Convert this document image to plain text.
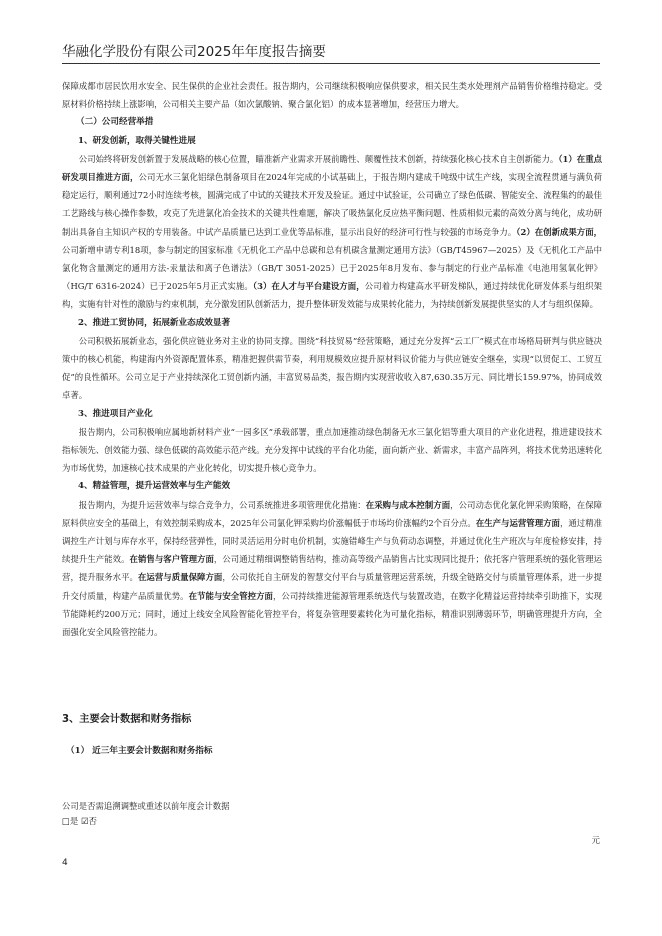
华融化学股份有限公司2025年年度报告摘要

保障成都市居民饮用水安全、民生保供的企业社会责任。报告期内，公司继续积极响应保供要求，相关民生类水处理剂产品销售价格维持稳定。受原材料价格持续上涨影响，公司相关主要产品（如次氯酸钠、聚合氯化铝）的成本显著增加，经营压力增大。

（二）公司经营举措

1、研发创新，取得关键性进展

公司始终将研发创新置于发展战略的核心位置，瞄准新产业需求开展前瞻性、颠覆性技术创新，持续强化核心技术自主创新能力。（1）在重点研发项目推进方面，公司无水三氯化铝绿色制备项目在2024年完成的小试基础上，于报告期内建成千吨级中试生产线，实现全流程贯通与满负荷稳定运行，顺利通过72小时连续考核，圆满完成了中试的关键技术开发及验证。通过中试验证，公司确立了绿色低碳、智能安全、流程集约的最佳工艺路线与核心操作参数，攻克了先进氯化冶金技术的关键共性难题，解决了吸热氯化反应热平衡问题、性质相似元素的高效分离与纯化，成功研制出具备自主知识产权的专用装备。中试产品质量已达到工业优等品标准，显示出良好的经济可行性与较强的市场竞争力。（2）在创新成果方面，公司新增申请专利18项，参与制定的国家标准《无机化工产品中总碳和总有机碳含量测定通用方法》（GB/T45967—2025）及《无机化工产品中氯化物含量测定的通用方法-汞量法和离子色谱法》（GB/T 3051-2025）已于2025年8月发布、参与制定的行业产品标准《电池用氢氧化钾》（HG/T 6316-2024）已于2025年5月正式实施。（3）在人才与平台建设方面，公司着力构建高水平研发梯队，通过持续优化研发体系与组织架构，实施有针对性的激励与约束机制，充分激发团队创新活力，提升整体研发效能与成果转化能力，为持续创新发展提供坚实的人才与组织保障。

2、推进工贸协同，拓展新业态成效显著

公司积极拓展新业态，强化供应链业务对主业的协同支撑。围绕“科技贸易”经营策略，通过充分发挥“云工厂”模式在市场格局研判与供应链决策中的核心机能，构建海内外资源配置体系，精准把握供需节奏，利用规模效应提升原材料议价能力与供应链安全继垒，实现“以贸促工、工贸互促”的良性循环。公司立足于产业持续深化工贸创新内涵，丰富贸易品类，报告期内实现营收收入87,630.35万元、同比增长159.97%，协同成效卓著。

3、推进项目产业化

报告期内，公司积极响应属地新材料产业“一园多区”承载部署，重点加速推动绿色制备无水三氯化铝等重大项目的产业化进程，推进建设技术指标领先、创效能力强、绿色低碳的高效能示范产线。充分发挥中试线的平台化功能，面向新产业、新需求，丰富产品阵列，将技术优势迅速转化为市场优势，加速核心技术成果的产业化转化，切实提升核心竞争力。

4、精益管理，提升运营效率与生产能效

报告期内，为提升运营效率与综合竞争力，公司系统推进多项管理优化措施：在采购与成本控制方面，公司动态优化氯化钾采购策略，在保障原料供应安全的基础上，有效控制采购成本，2025年公司氯化钾采购均价涨幅低于市场均价涨幅约2个百分点。在生产与运营管理方面，通过精准调控生产计划与库存水平，保持经营弹性，同时灵活运用分时电价机制，实施错峰生产与负荷动态调整，并通过优化生产班次与年度检修安排，持续提升生产能效。在销售与客户管理方面，公司通过精细调整销售结构，推动高等级产品销售占比实现同比提升；依托客户管理系统的强化管理运营，提升服务水平。在运营与质量保障方面，公司依托自主研发的智慧交付平台与质量管理运营系统，升级全链路交付与质量管理体系，进一步提升交付质量，构建产品质量优势。在节能与安全管控方面，公司持续推进能源管理系统迭代与装置改造，在数字化精益运营持续牵引助推下，实现节能降耗约200万元；同时，通过上线安全风险智能化管控平台，将复杂管理要素转化为可量化指标，精准识别薄弱环节，明确管理提升方向，全面强化安全风险管控能力。

3、主要会计数据和财务指标
（1） 近三年主要会计数据和财务指标
公司是否需追溯调整或重述以前年度会计数据
□是 ☑否
元
4
